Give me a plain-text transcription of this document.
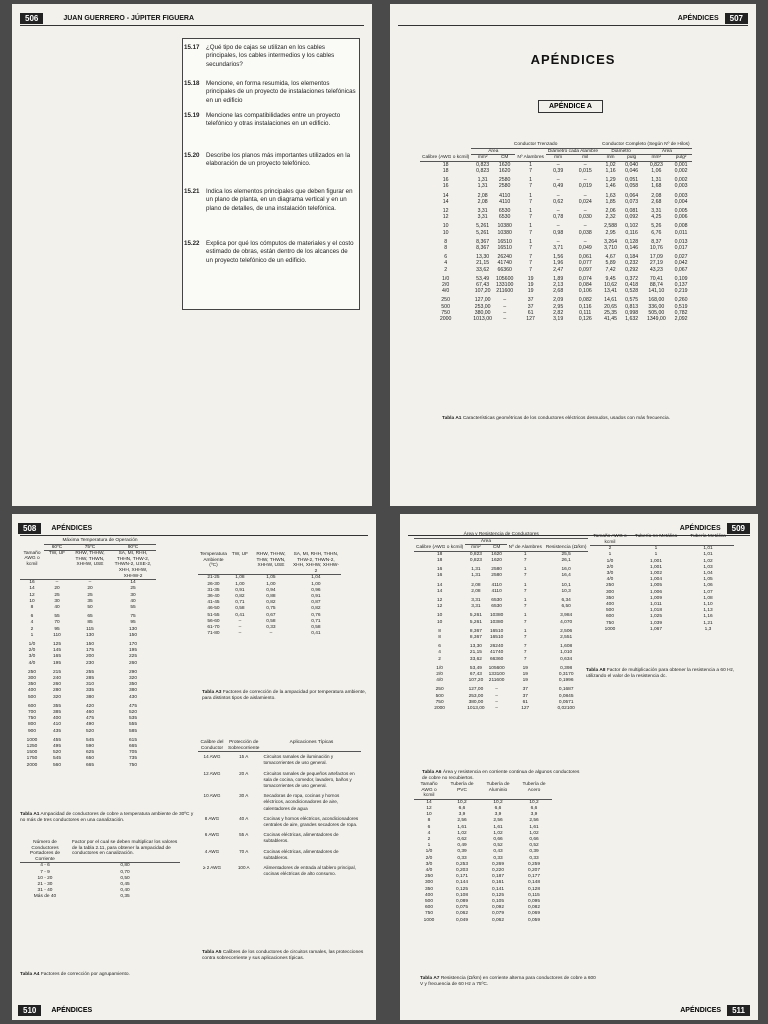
506	JUAN GUERRERO - JÚPITER FIGUERA
15.17 ¿Qué tipo de cajas se utilizan en los cables principales, los cables intermedios y los cables secundarios?
15.18 Mencione, en forma resumida, los elementos principales de un proyecto de instalaciones telefónicas en un edificio
15.19 Mencione las compatibilidades entre un proyecto telefónico y otras instalaciones en un edificio.
15.20 Describe los planos más importantes utilizados en la elaboración de un proyecto telefónico.
15.21 Indica los elementos principales que deben figurar en un plano de planta, en un diagrama vertical y en un plano de detalles, de una instalación telefónica.
15.22 Explica por qué los cómputos de materiales y el costo estimado de obras, están dentro de los alcances de un proyecto telefónico de un edificio.
APÉNDICES	507
APÉNDICES
APÉNDICE A
	Conductor Trenzado					Conductor Completo (Según Nº de Hilos)			
	Área			Diámetro cada Alambre		Diámetro		Área	
Calibre (AWG o kcmil)	mm²	CM	Nº Alambres	mm	mil	mm	pulg	mm²	pulg²
18	0,823	1620	1	–	–	1,02	0,040	0,823	0,001
18	0,823	1620	7	0,39	0,015	1,16	0,046	1,06	0,002

16	1,31	2580	1	–	–	1,29	0,051	1,31	0,002
16	1,31	2580	7	0,49	0,019	1,46	0,058	1,68	0,003

14	2,08	4110	1	–	–	1,63	0,064	2,08	0,003
14	2,08	4110	7	0,62	0,024	1,85	0,073	2,68	0,004

12	3,31	6530	1	–	–	2,06	0,081	3,31	0,005
12	3,31	6530	7	0,78	0,030	2,32	0,092	4,25	0,006

10	5,261	10380	1	–	–	2,588	0,102	5,26	0,008
10	5,261	10380	7	0,98	0,038	2,95	0,116	6,76	0,011

8	8,367	16510	1	–	–	3,264	0,128	8,37	0,013
8	8,367	16510	7	3,71	0,049	3,710	0,146	10,76	0,017

6	13,30	26240	7	1,56	0,061	4,67	0,184	17,09	0,027
4	21,15	41740	7	1,96	0,077	5,89	0,232	27,19	0,042
2	33,62	66360	7	2,47	0,097	7,42	0,292	43,23	0,067

1/0	53,49	105600	19	1,89	0,074	9,45	0,372	70,41	0,109
2/0	67,43	133100	19	2,13	0,084	10,62	0,418	88,74	0,137
4/0	107,20	211600	19	2,68	0,106	13,41	0,528	141,10	0,219

250	127,00	–	37	2,09	0,082	14,61	0,575	168,00	0,260
500	253,00	–	37	2,95	0,116	20,65	0,813	336,00	0,519
750	380,00	–	61	2,82	0,111	25,35	0,998	505,00	0,782
2000	1013,00	–	127	3,19	0,126	41,45	1,632	1349,00	2,092
Tabla A1 Características geométricas de los conductores eléctricos desnudos, usados con más frecuencia.
508	APÉNDICES
	Máxima Temperatura de Operación		
	60ºC	75ºC	90ºC
Tamaño AWG o kcmil	TW, UF	RHW, THHW, THW, THWN, XHHW, USE	SA, MI, RHH, THHN, THW-2, THWN-2, USE-2, XHH, XHHW, XHHW-2
16	–	–	14
14	20	20	25
12	25	25	30
10	30	35	40
8	40	50	55

6	55	65	75
4	70	85	95
2	95	115	130
1	110	130	150

1/0	125	150	170
2/0	145	175	195
3/0	165	200	225
4/0	195	230	260

250	215	255	290
300	240	285	320
350	260	310	350
400	280	335	380
500	320	380	430

600	355	420	475
700	385	460	520
750	400	475	535
800	410	490	555
900	435	520	585

1000	455	545	615
1250	495	590	665
1500	520	625	705
1750	545	650	735
2000	560	665	750
Tabla A1 Ampacidad de conductores de cobre a temperatura ambiente de 30ºC y no más de tres conductores en una canalización.
Número de Conductores Portadores de Corriente	Factor por el cual se deben multiplicar los valores de la tabla 2.11, para obtener la ampacidad de conductores en canalización.
4 - 6	0,80
7 - 9	0,70
10 - 20	0,50
21 - 30	0,45
31 - 40	0,40
Más de 40	0,35
Tabla A4 Factores de corrección por agrupamiento.
Temperatura Ambiente (ºC)	TW, UF	RHW, THHW, THW, THWN, XHHW, USE	SA, MI, RHH, THHN, THW-2, THWN-2, XHH, XHHW, XHHW-2
21-25	1,08	1,05	1,04
26-30	1,00	1,00	1,00
31-35	0,91	0,94	0,96
36-40	0,82	0,88	0,91
41-45	0,71	0,82	0,87
46-50	0,58	0,75	0,82
51-55	0,41	0,67	0,76
56-60	–	0,58	0,71
61-70	–	0,33	0,58
71-80	–	–	0,41
Tabla A3 Factores de corrección de la ampacidad por temperatura ambiente, para distintos tipos de aislamiento.
Calibre del Conductor	Protección de Sobrecorriente	Aplicaciones Típicas
14 AWG	15 A	Circuitos ramales de iluminación y tomacorrientes de uso general.
12 AWG	20 A	Circuitos ramales de pequeños artefactos en sala de cocina, comedor, lavadero, baños y tomacorrientes de uso general.
10 AWG	30 A	Secadoras de ropa, cocinas y hornos eléctricos, acondicionadores de aire, calentadores de agua
8 AWG	40 A	Cocinas y hornos eléctricos, acondicionadores centrales de aire, grandes secadores de ropa.
6 AWG	55 A	Cocinas eléctricas, alimentadores de subtableros.
4 AWG	70 A	Cocinas eléctricas, alimentadores de subtableros.
≥ 2 AWG	100 A	Alimentadores de entrada al tablero principal, cocinas eléctricas de alto consumo.
Tabla A5 Calibres de los conductores de circuitos ramales, las protecciones contra sobrecorriente y sus aplicaciones típicas.
510	APÉNDICES
APÉNDICES	509
Área y Resistencia de Conductores				
	Área			
Calibre (AWG o kcmil)	mm²	CM	Nº de Alambres	Resistencia (Ω/km)
18	0,823	1620	1	25,5
18	0,823	1620	7	26,1

16	1,31	2580	1	16,0
16	1,31	2580	7	16,4

14	2,08	4110	1	10,1
14	2,08	4110	7	10,3

12	3,31	6530	1	6,34
12	3,31	6530	7	6,50

10	5,261	10380	1	3,984
10	5,261	10380	7	4,070

8	8,367	16510	1	2,506
8	8,367	16510	7	2,551

6	13,30	26240	7	1,608
4	21,15	41740	7	1,010
2	33,62	66360	7	0,634

1/0	53,49	105600	19	0,398
2/0	67,43	133100	19	0,3170
4/0	107,20	211600	19	0,1996

250	127,00	–	37	0,1687
500	253,00	–	37	0,0845
750	380,00	–	61	0,0571
2000	1013,00	–	127	0,02100
Tabla A6 Área y resistencia en corriente continua de algunos conductores de cobre no recubiertos.
Tamaño AWG o kcmil	Tubería no Metálica	Tubería Metálica
2	1	1,01
1	1	1,01
1/0	1,001	1,02
2/0	1,001	1,03
3/0	1,002	1,04
4/0	1,004	1,05
250	1,005	1,06
300	1,006	1,07
350	1,009	1,08
400	1,011	1,10
500	1,018	1,13
600	1,025	1,16
750	1,039	1,21
1000	1,067	1,3
Tabla A8 Factor de multiplicación para obtener la resistencia a 60 Hz, utilizando el valor de la resistencia dc.
Tamaño AWG o kcmil	Tubería de PVC	Tubería de Aluminio	Tubería de Acero
14	10,2	10,2	10,2
12	6,6	6,6	6,6
10	3,9	3,9	3,9
8	2,56	2,56	2,56
6	1,61	1,61	1,61
4	1,02	1,02	1,02
2	0,62	0,66	0,66
1	0,49	0,52	0,52
1/0	0,39	0,43	0,39
2/0	0,33	0,33	0,33
3/0	0,253	0,269	0,259
4/0	0,203	0,220	0,207
250	0,171	0,187	0,177
300	0,144	0,161	0,148
350	0,125	0,141	0,128
400	0,108	0,125	0,115
500	0,089	0,105	0,095
600	0,075	0,092	0,082
750	0,062	0,079	0,069
1000	0,049	0,062	0,059
Tabla A7 Resistencia (Ω/km) en corriente alterna para conductores de cobre a 600 V y frecuencia de 60 Hz a 75ºC.
APÉNDICES	511
